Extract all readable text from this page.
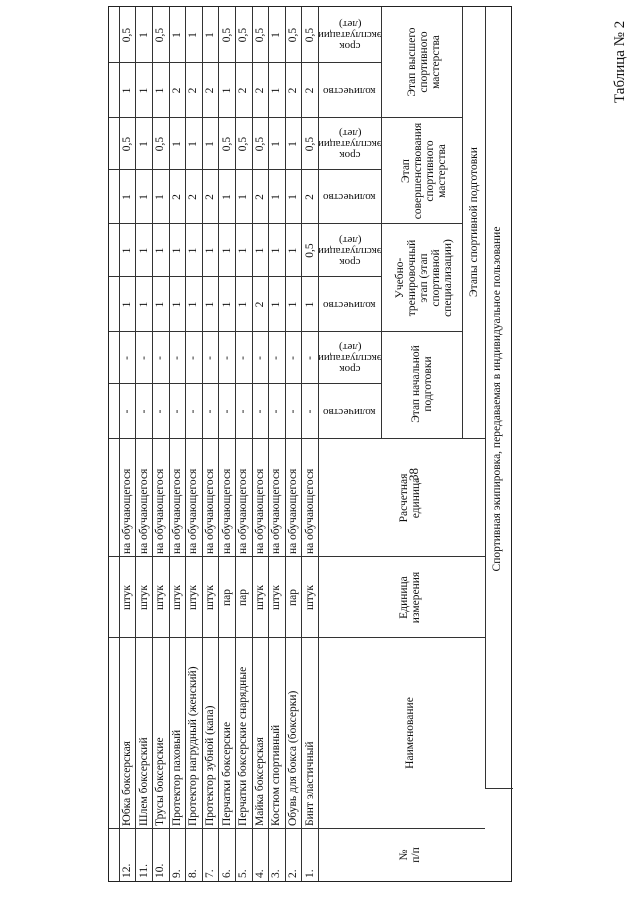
38
Таблица № 2
Спортивная экипировка, передаваемая в индивидуальное пользование
№
п/п
Наименование
Единица
измерения
Расчетная
единица
Этапы спортивной подготовки
Этап начальной
подготовки
Учебно-
тренировочный
этап (этап
спортивной
специализации)
Этап
совершенствования
спортивного
мастерства
Этап высшего
спортивного
мастерства
количество
срок
эксплуатации
(лет)
количество
срок
эксплуатации
(лет)
количество
срок
эксплуатации
(лет)
количество
срок
эксплуатации
(лет)
1.
Бинт эластичный
штук
на обучающегося
-
-
1
0,5
2
0,5
2
0,5
2.
Обувь для бокса (боксерки)
пар
на обучающегося
-
-
1
1
1
1
2
0,5
3.
Костюм спортивный
штук
на обучающегося
-
-
1
1
1
1
1
1
4.
Майка боксерская
штук
на обучающегося
-
-
2
1
2
0,5
2
0,5
5.
Перчатки боксерские снарядные
пар
на обучающегося
-
-
1
1
1
0,5
2
0,5
6.
Перчатки боксерские
пар
на обучающегося
-
-
1
1
1
0,5
1
0,5
7.
Протектор зубной (капа)
штук
на обучающегося
-
-
1
1
2
1
2
1
8.
Протектор нагрудный (женский)
штук
на обучающегося
-
-
1
1
2
1
2
1
9.
Протектор паховый
штук
на обучающегося
-
-
1
1
2
1
2
1
10.
Трусы боксерские
штук
на обучающегося
-
-
1
1
1
0,5
1
0,5
11.
Шлем боксерский
штук
на обучающегося
-
-
1
1
1
1
1
1
12.
Юбка боксерская
штук
на обучающегося
-
-
1
1
1
0,5
1
0,5
